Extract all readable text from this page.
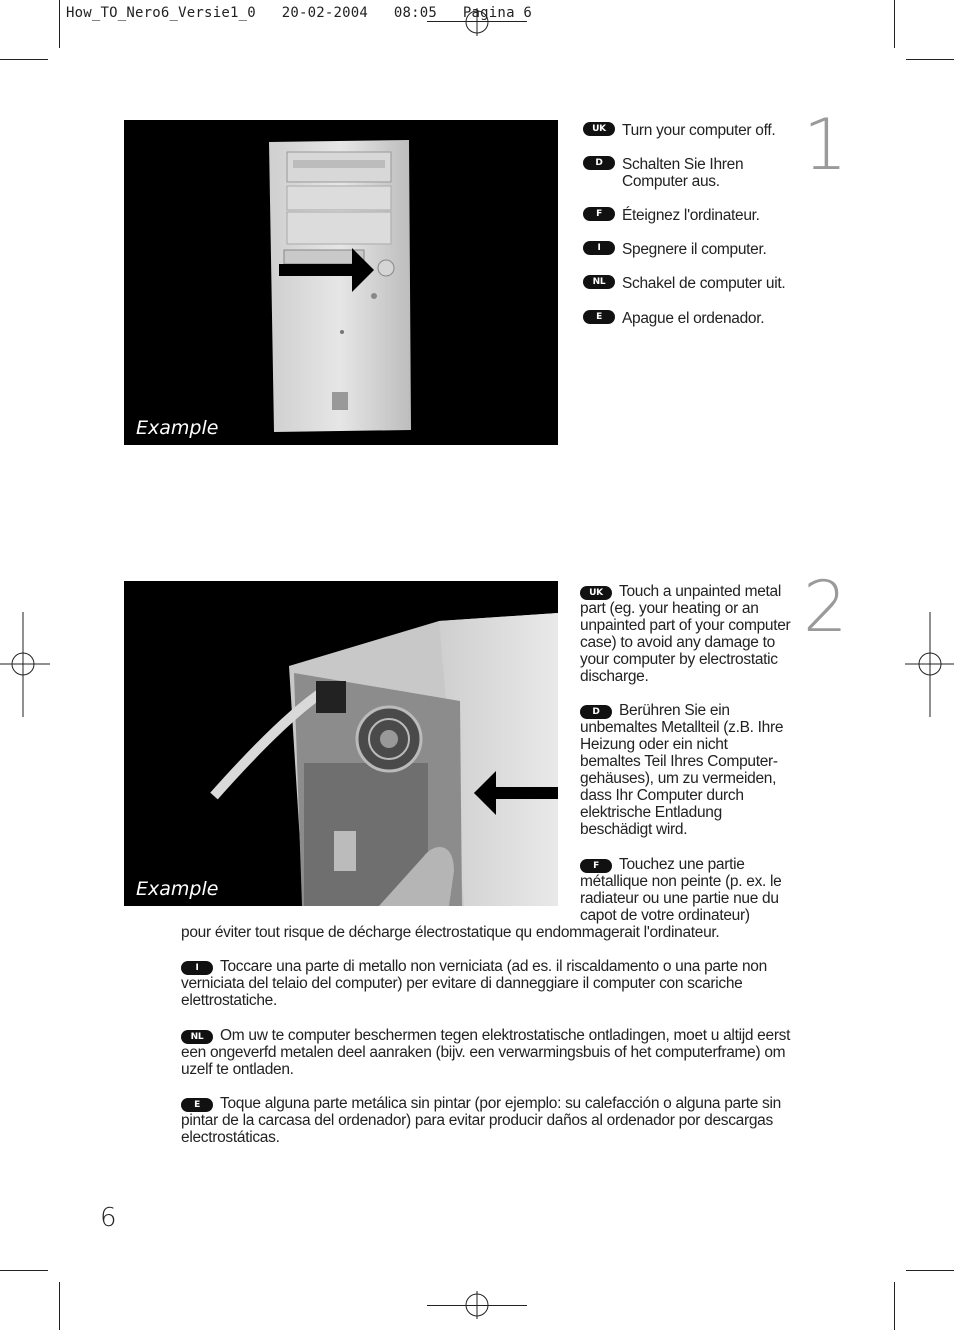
How_TO_Nero6_Versie1_0   20-02-2004   08:05   Pagina 6
Example
1
UK	Turn your computer off.
D	Schalten Sie Ihren
Computer aus.
F	Éteignez l'ordinateur.
I	Spegnere il computer.
NL	Schakel de computer uit.
E	Apague el ordenador.
Example
2
UK Touch a unpainted metal part (eg. your heating or an unpainted part of your computer case) to avoid any damage to your computer by electrostatic discharge.
D Berühren Sie ein unbemaltes Metallteil (z.B. Ihre Heizung oder ein nicht bemaltes Teil Ihres Computer-gehäuses), um zu vermeiden, dass Ihr Computer durch elektrische Entladung beschädigt wird.
F Touchez une partie métallique non peinte (p. ex. le radiateur ou une partie nue du capot de votre ordinateur)
pour éviter tout risque de décharge électrostatique qu endommagerait l'ordinateur.
I Toccare una parte di metallo non verniciata (ad es. il riscaldamento o una parte non verniciata del telaio del computer) per evitare di danneggiare il computer con scariche elettrostatiche.
NL Om uw te computer beschermen tegen elektrostatische ontladingen, moet u altijd eerst een ongeverfd metalen deel aanraken (bijv. een verwarmingsbuis of het computerframe) om uzelf te ontladen.
E Toque alguna parte metálica sin pintar (por ejemplo: su calefacción o alguna parte sin pintar de la carcasa del ordenador) para evitar producir daños al ordenador por descargas electrostáticas.
6
